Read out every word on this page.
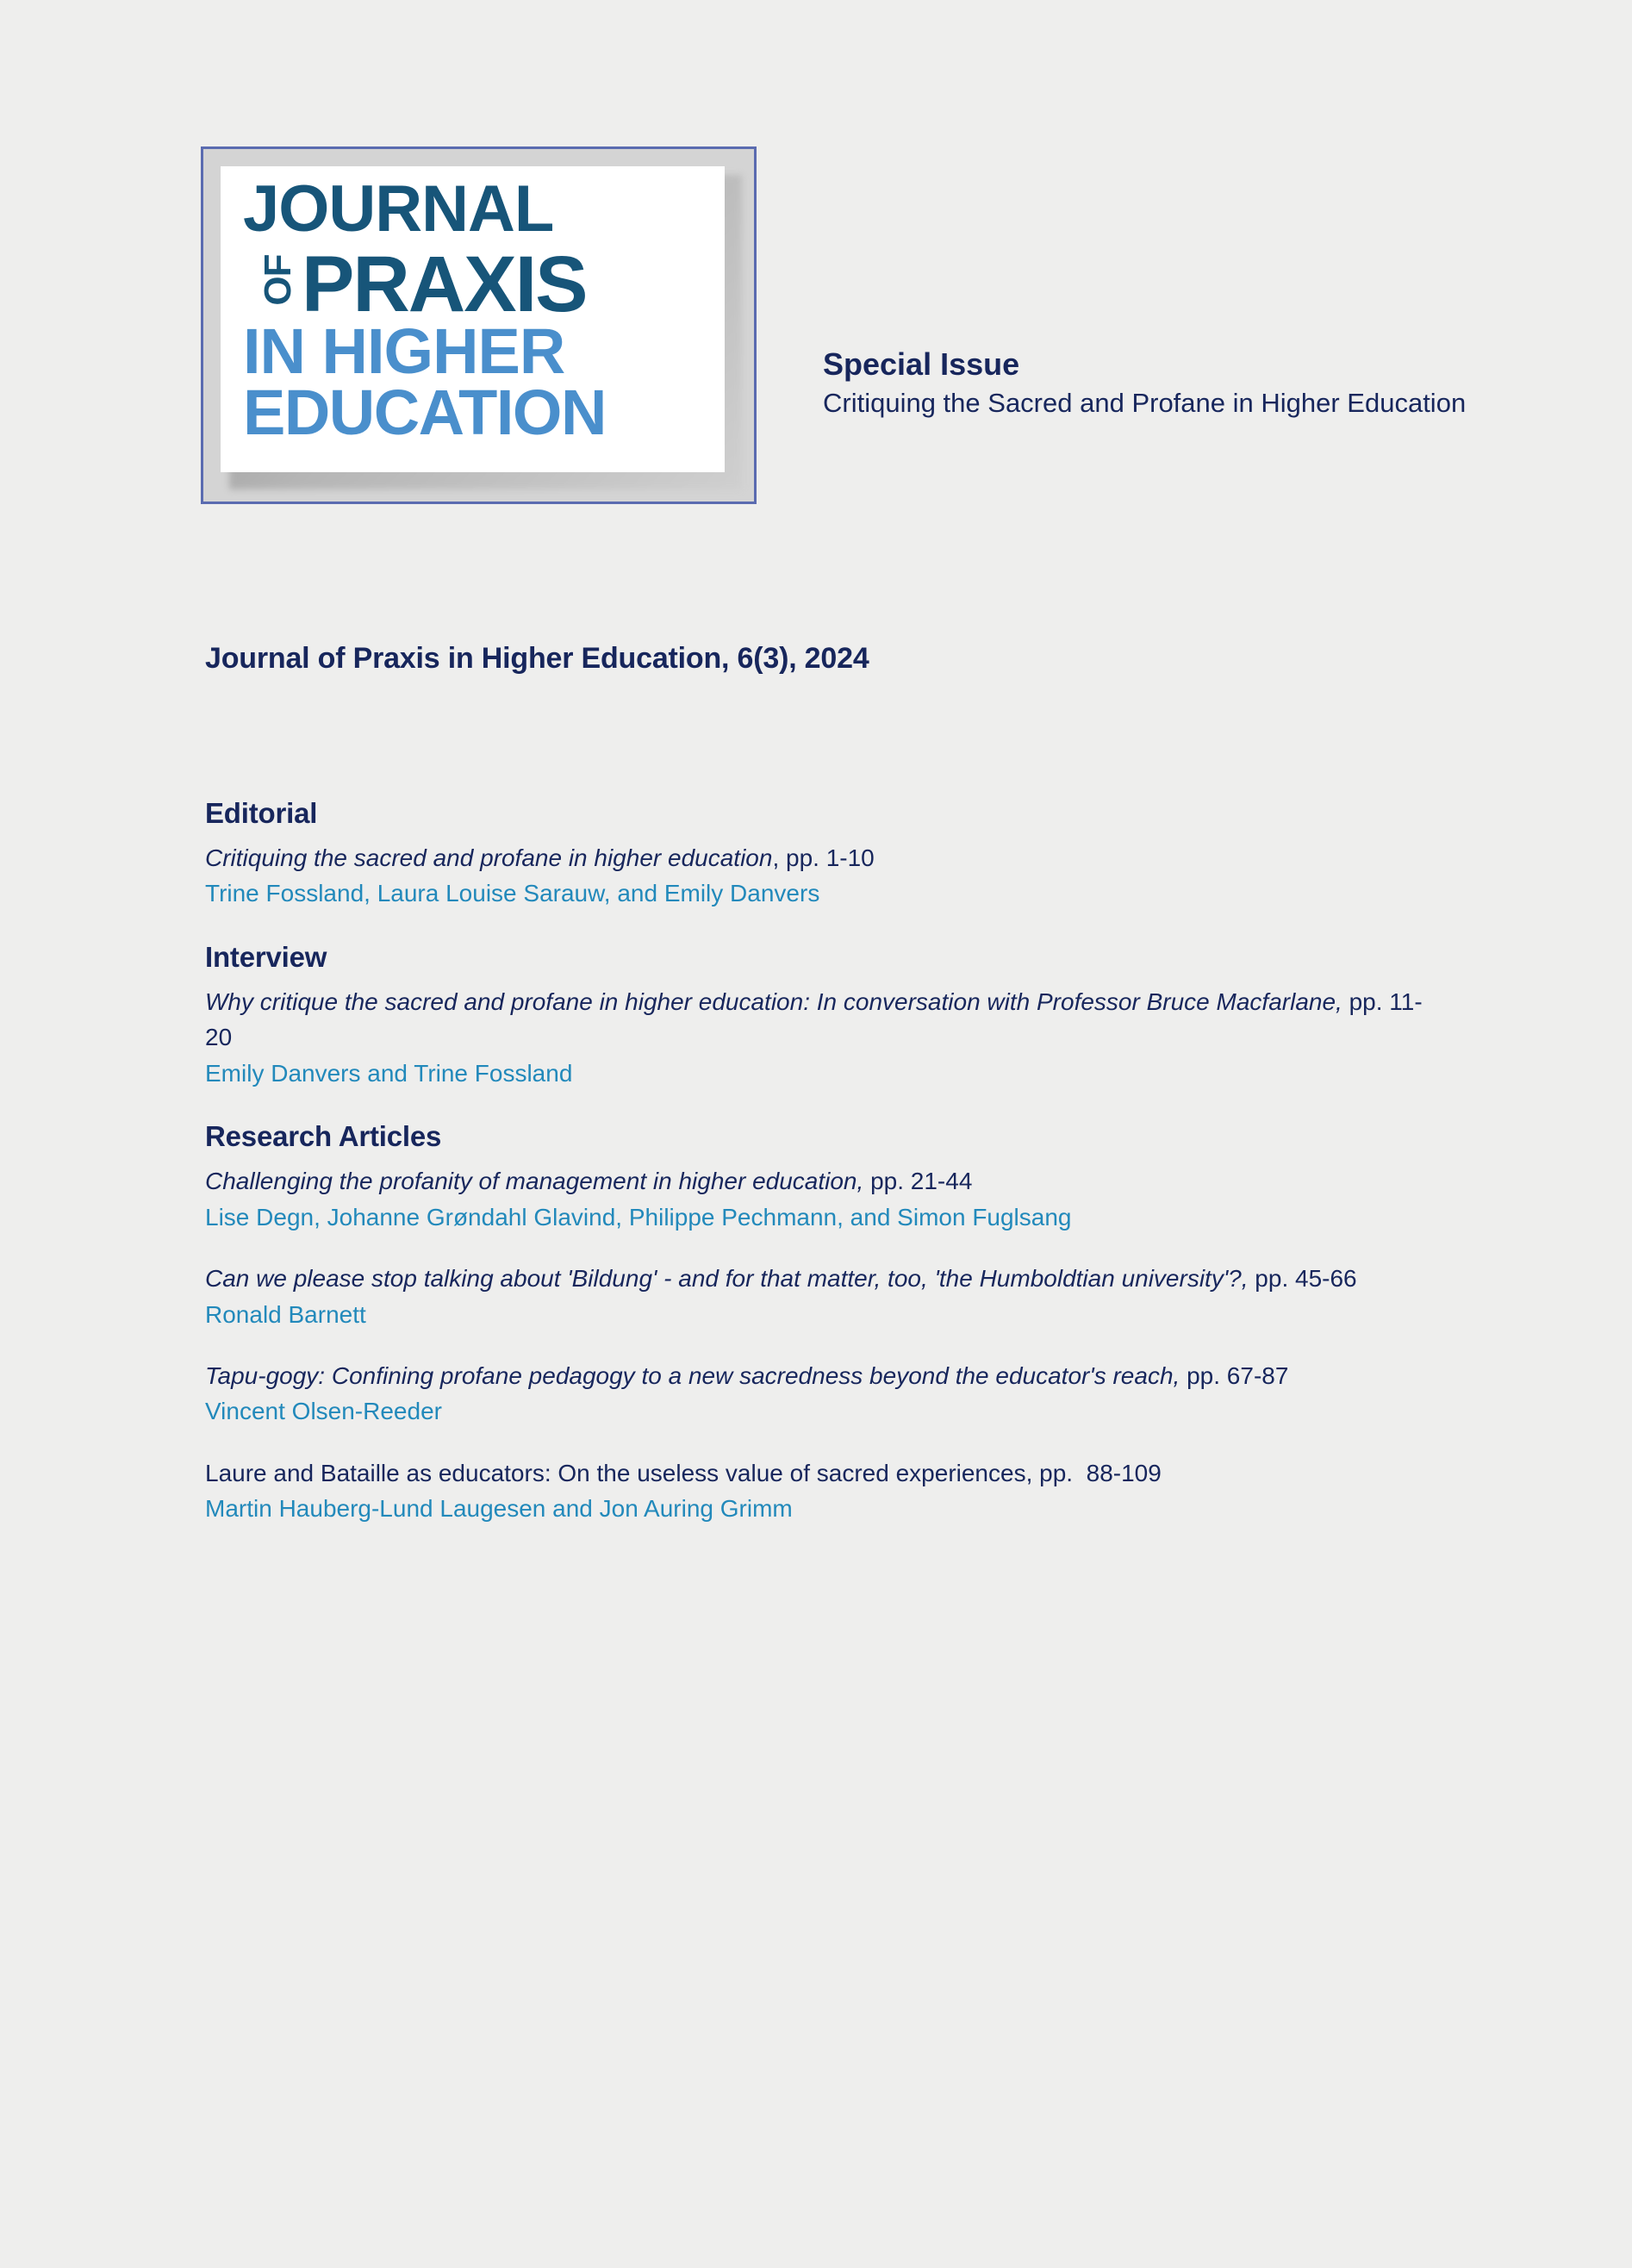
JOURNAL
OF PRAXIS
IN HIGHER
EDUCATION

Special Issue

Critiquing the Sacred and Profane in Higher Education

Journal of Praxis in Higher Education, 6(3), 2024
Editorial

Critiquing the sacred and profane in higher education, pp. 1-10

Trine Fossland, Laura Louise Sarauw, and Emily Danvers

Interview

Why critique the sacred and profane in higher education: In conversation with Professor Bruce Macfarlane, pp. 11-20

Emily Danvers and Trine Fossland

Research Articles

Challenging the profanity of management in higher education, pp. 21-44

Lise Degn, Johanne Grøndahl Glavind, Philippe Pechmann, and Simon Fuglsang

Can we please stop talking about 'Bildung' - and for that matter, too, 'the Humboldtian university'?, pp. 45-66

Ronald Barnett

Tapu-gogy: Confining profane pedagogy to a new sacredness beyond the educator's reach, pp. 67-87

Vincent Olsen-Reeder

Laure and Bataille as educators: On the useless value of sacred experiences, pp.  88-109

Martin Hauberg-Lund Laugesen and Jon Auring Grimm
